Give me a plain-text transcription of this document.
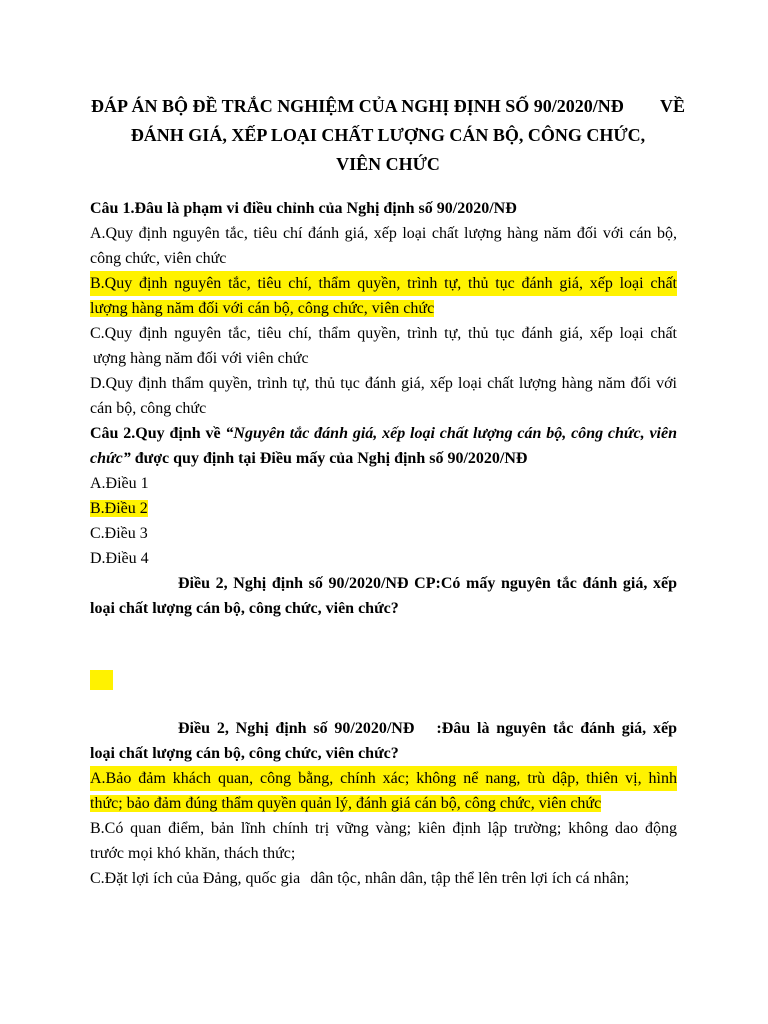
ĐÁP ÁN BỘ ĐỀ TRẮC NGHIỆM CỦA NGHỊ ĐỊNH SỐ 90/2020/NĐ VỀ
ĐÁNH GIÁ, XẾP LOẠI CHẤT LƯỢNG CÁN BỘ, CÔNG CHỨC,
VIÊN CHỨC
Câu 1.Đâu là phạm vi điều chỉnh của Nghị định số 90/2020/NĐ
A.Quy định nguyên tắc, tiêu chí đánh giá, xếp loại chất lượng hàng năm đối với cán bộ,
công chức, viên chức
B.Quy định nguyên tắc, tiêu chí, thẩm quyền, trình tự, thủ tục đánh giá, xếp loại chất
lượng hàng năm đối với cán bộ, công chức, viên chức
C.Quy định nguyên tắc, tiêu chí, thẩm quyền, trình tự, thủ tục đánh giá, xếp loại chất
ượng hàng năm đối với viên chức
D.Quy định thẩm quyền, trình tự, thủ tục đánh giá, xếp loại chất lượng hàng năm đối với
cán bộ, công chức
Câu 2.Quy định về “Nguyên tắc đánh giá, xếp loại chất lượng cán bộ, công chức, viên
chức” được quy định tại Điều mấy của Nghị định số 90/2020/NĐ
A.Điều 1
B.Điều 2
C.Điều 3
D.Điều 4
Điều 2, Nghị định số 90/2020/NĐ CP:Có mấy nguyên tắc đánh giá, xếp
loại chất lượng cán bộ, công chức, viên chức?
Điều 2, Nghị định số 90/2020/NĐ :Đâu là nguyên tắc đánh giá, xếp
loại chất lượng cán bộ, công chức, viên chức?
A.Bảo đảm khách quan, công bằng, chính xác; không nể nang, trù dập, thiên vị, hình
thức; bảo đảm đúng thẩm quyền quản lý, đánh giá cán bộ, công chức, viên chức
B.Có quan điểm, bản lĩnh chính trị vững vàng; kiên định lập trường; không dao động
trước mọi khó khăn, thách thức;
C.Đặt lợi ích của Đảng, quốc gia dân tộc, nhân dân, tập thể lên trên lợi ích cá nhân;
